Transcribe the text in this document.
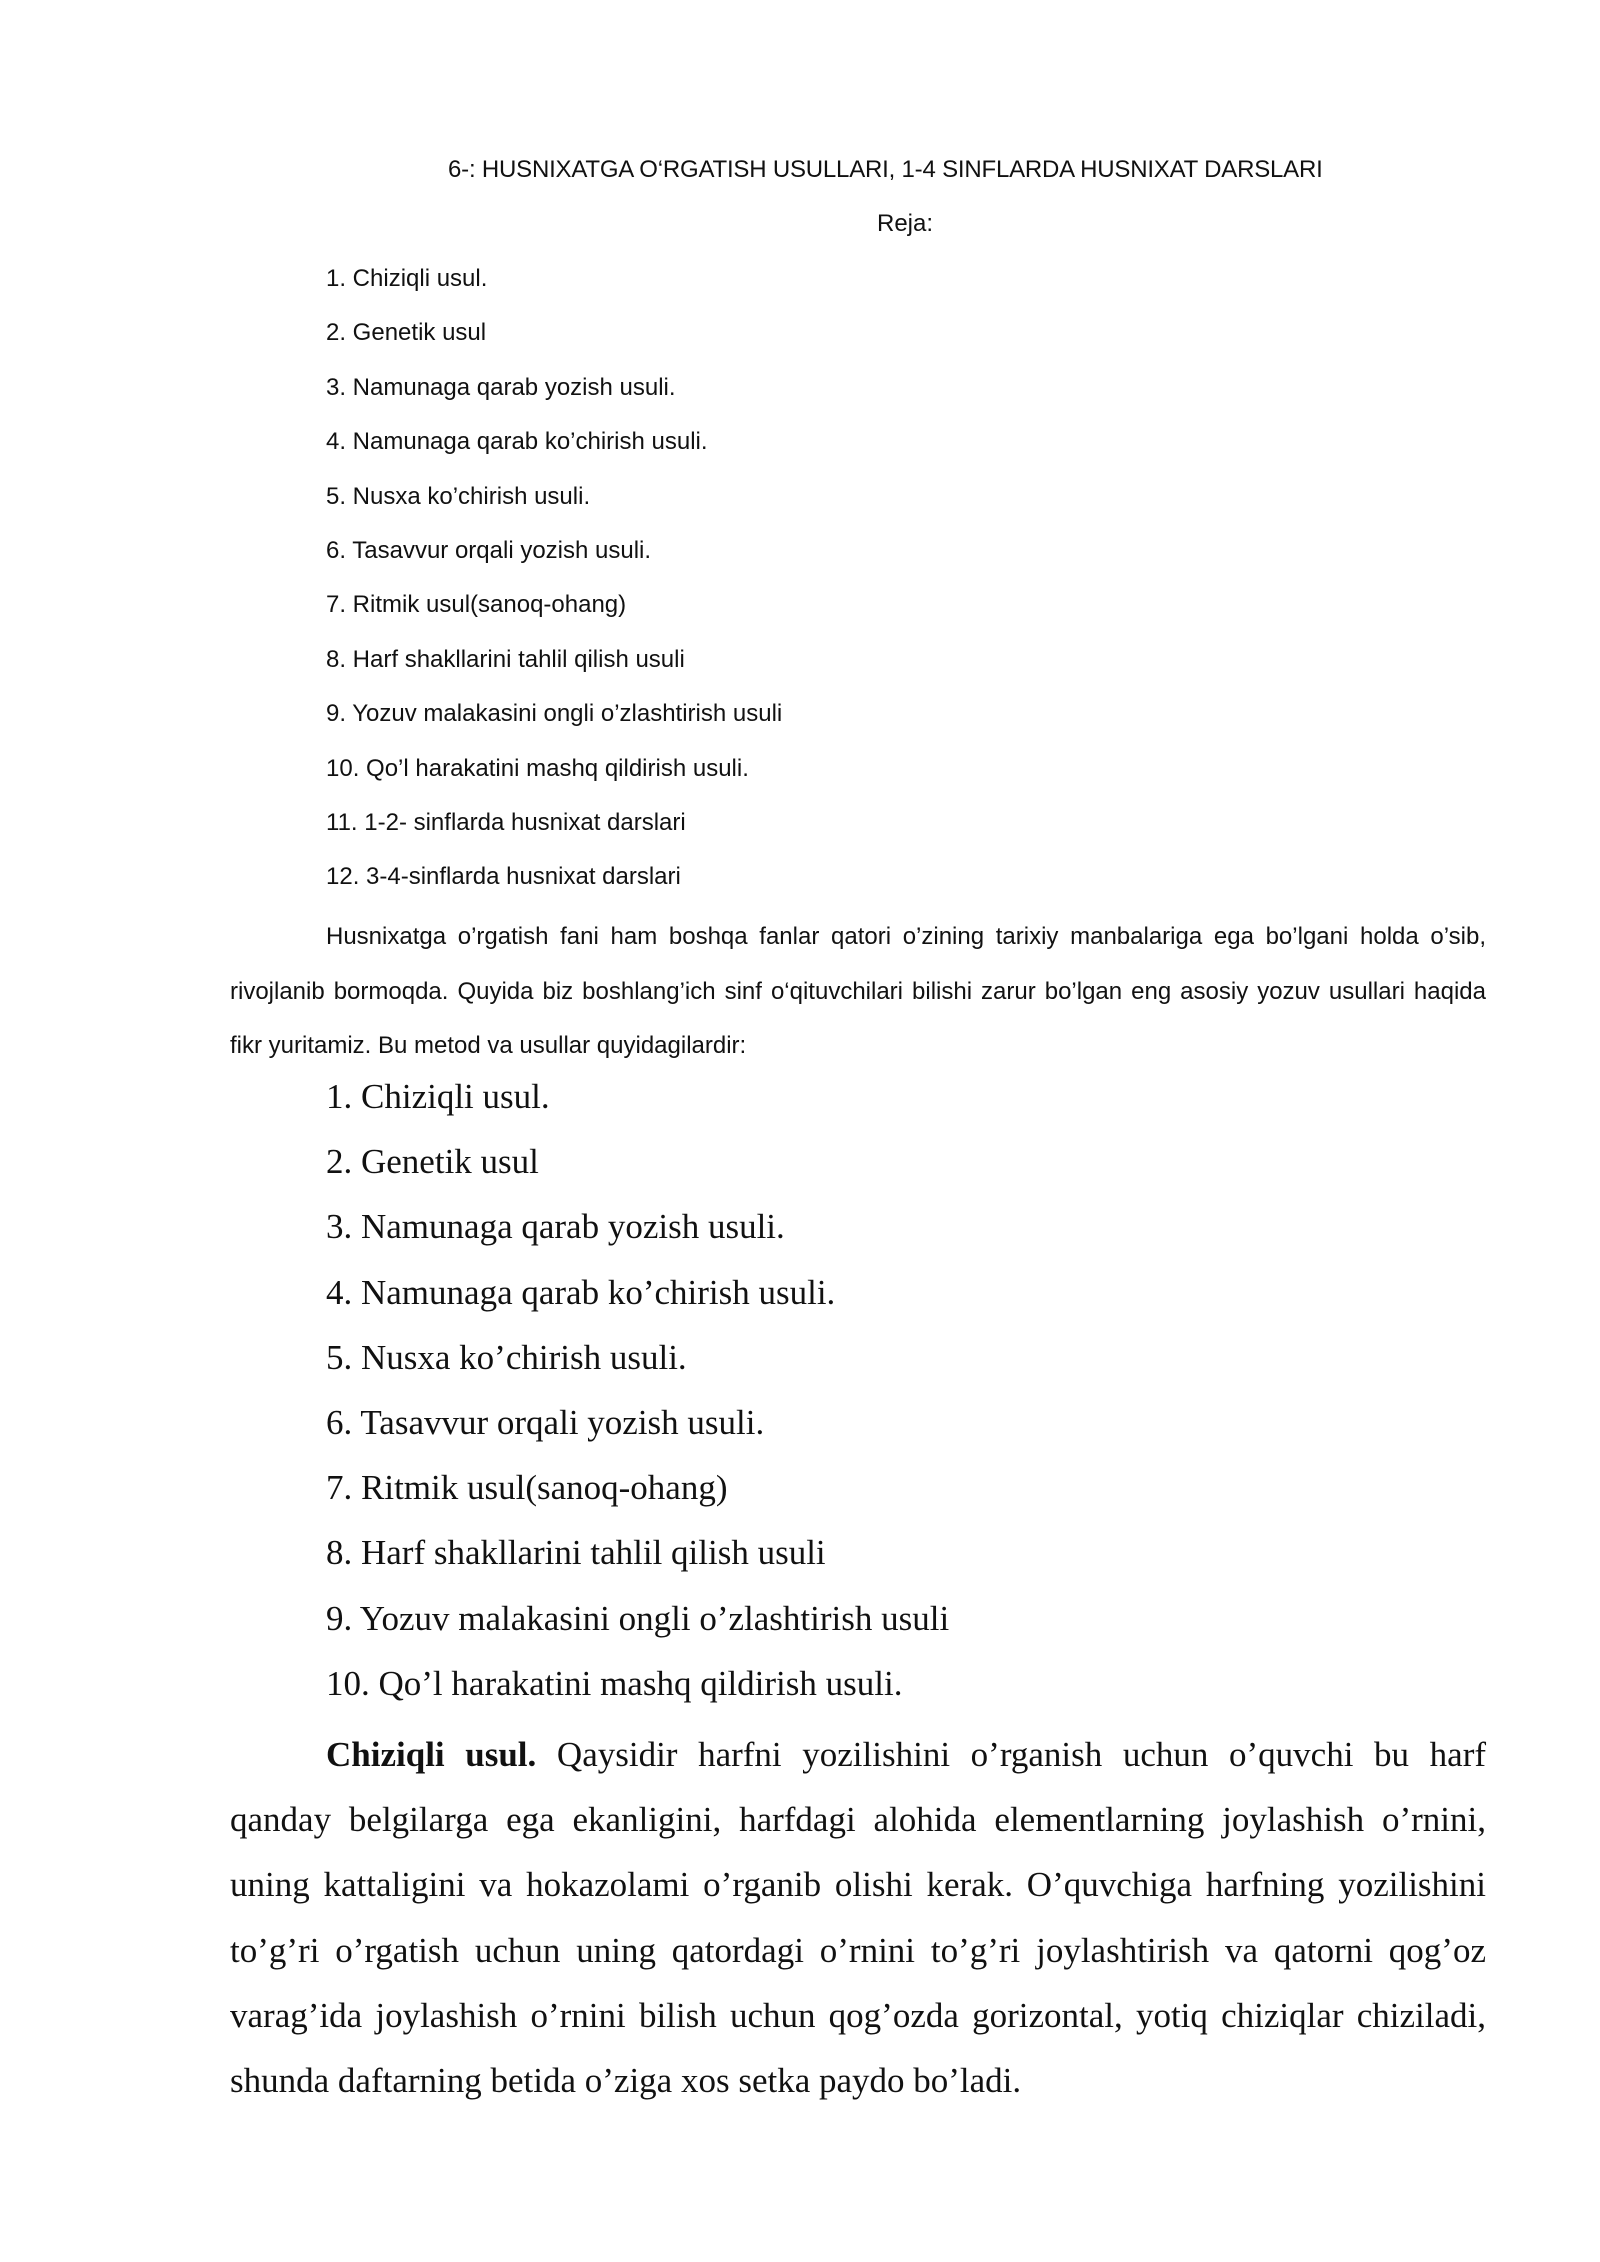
6-: HUSNIXATGA O‘RGATISH USULLARI, 1-4 SINFLARDA HUSNIXAT DARSLARI
Reja:
1. Chiziqli usul.
2. Genetik usul
3. Namunaga qarab yozish usuli.
4. Namunaga qarab ko’chirish usuli.
5. Nusxa ko’chirish usuli.
6. Tasavvur orqali yozish usuli.
7. Ritmik usul(sanoq-ohang)
8. Harf shakllarini tahlil qilish usuli
9. Yozuv malakasini ongli o’zlashtirish usuli
10. Qo’l harakatini mashq qildirish usuli.
11. 1-2- sinflarda husnixat darslari
12. 3-4-sinflarda husnixat darslari

Husnixatga o’rgatish fani ham boshqa fanlar qatori o’zining tarixiy manbalariga ega bo’lgani holda o’sib, rivojlanib bormoqda. Quyida biz boshlang’ich sinf o‘qituvchilari bilishi zarur bo’lgan eng asosiy yozuv usullari haqida fikr yuritamiz. Bu metod va usullar quyidagilardir:

1. Chiziqli usul.
2. Genetik usul
3. Namunaga qarab yozish usuli.
4. Namunaga qarab ko’chirish usuli.
5. Nusxa ko’chirish usuli.
6. Tasavvur orqali yozish usuli.
7. Ritmik usul(sanoq-ohang)
8. Harf shakllarini tahlil qilish usuli
9. Yozuv malakasini ongli o’zlashtirish usuli
10. Qo’l harakatini mashq qildirish usuli.

Chiziqli usul. Qaysidir harfni yozilishini o’rganish uchun o’quvchi bu harf qanday belgilarga ega ekanligini, harfdagi alohida elementlarning joylashish o’rnini, uning kattaligini va hokazolami o’rganib olishi kerak. O’quvchiga harfning yozilishini to’g’ri o’rgatish uchun uning qatordagi o’rnini to’g’ri joylashtirish va qatorni qog’oz varag’ida joylashish o’rnini bilish uchun qog’ozda gorizontal, yotiq chiziqlar chiziladi, shunda daftarning betida o’ziga xos setka paydo bo’ladi.
